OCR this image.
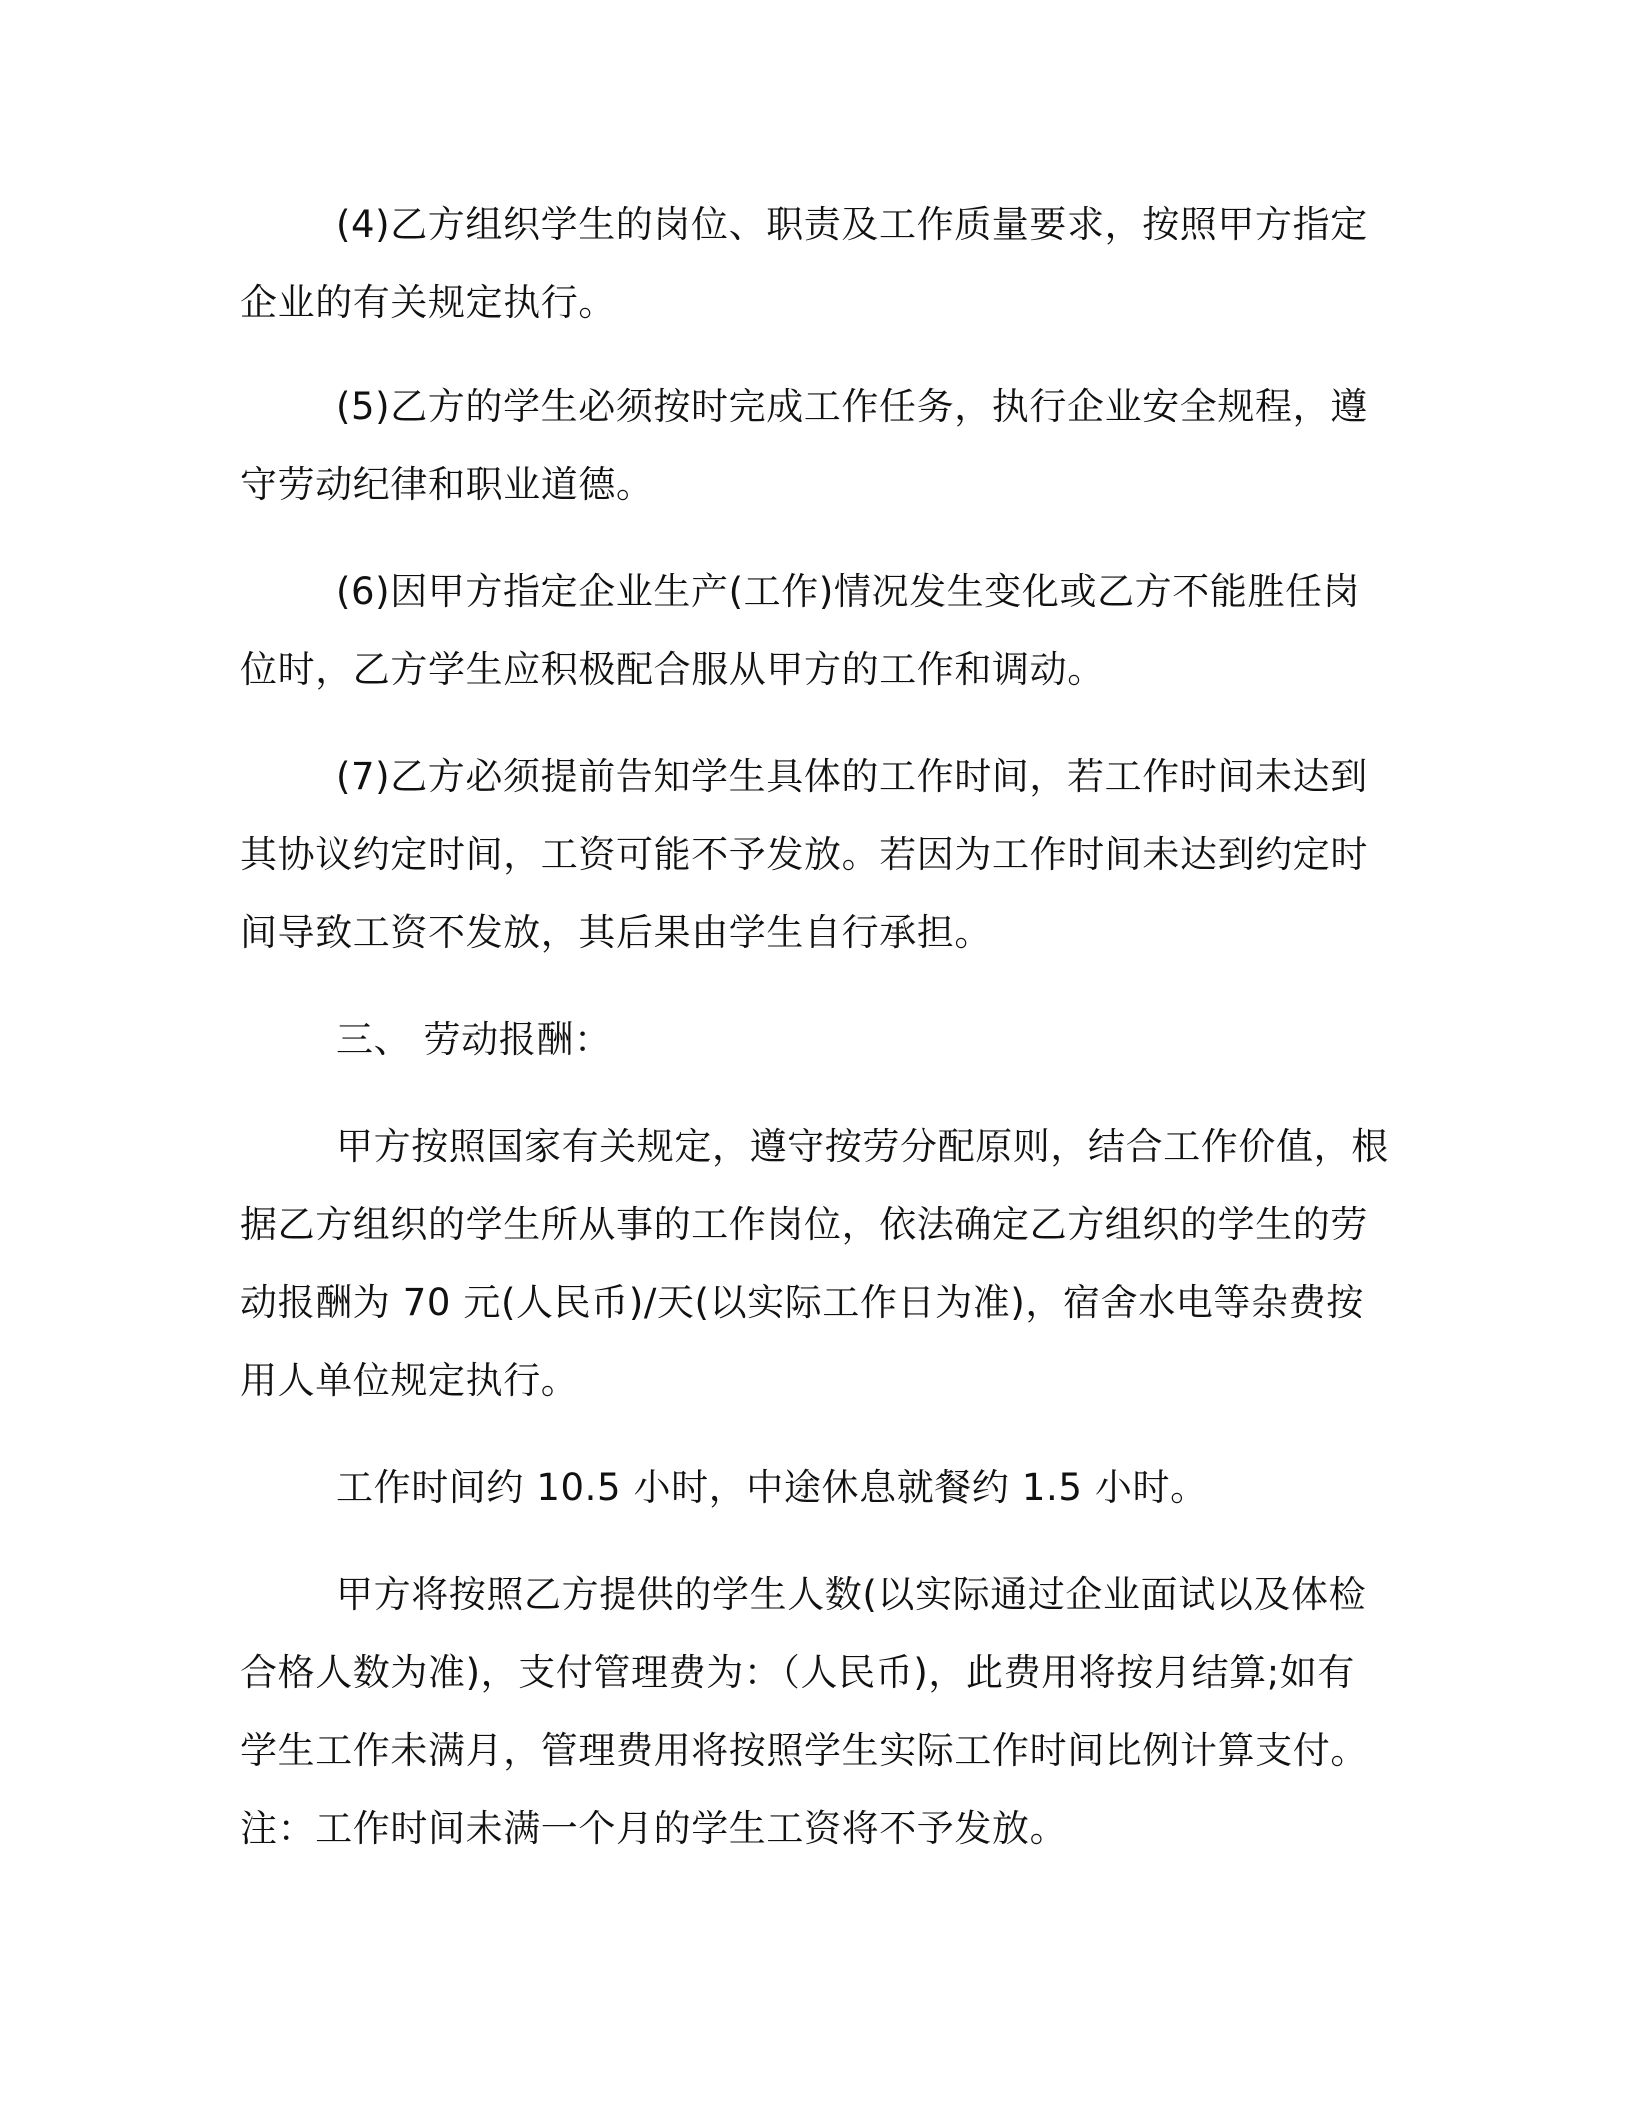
(4)乙方组织学生的岗位、职责及工作质量要求，按照甲方指定企业的有关规定执行。

(5)乙方的学生必须按时完成工作任务，执行企业安全规程，遵守劳动纪律和职业道德。

(6)因甲方指定企业生产(工作)情况发生变化或乙方不能胜任岗位时，乙方学生应积极配合服从甲方的工作和调动。

(7)乙方必须提前告知学生具体的工作时间，若工作时间未达到其协议约定时间，工资可能不予发放。若因为工作时间未达到约定时间导致工资不发放，其后果由学生自行承担。

三、 劳动报酬：

甲方按照国家有关规定，遵守按劳分配原则，结合工作价值，根据乙方组织的学生所从事的工作岗位，依法确定乙方组织的学生的劳动报酬为 70 元(人民币)/天(以实际工作日为准)，宿舍水电等杂费按用人单位规定执行。

工作时间约 10.5 小时，中途休息就餐约 1.5 小时。

甲方将按照乙方提供的学生人数(以实际通过企业面试以及体检合格人数为准)，支付管理费为：（人民币)，此费用将按月结算;如有学生工作未满月，管理费用将按照学生实际工作时间比例计算支付。注：工作时间未满一个月的学生工资将不予发放。
